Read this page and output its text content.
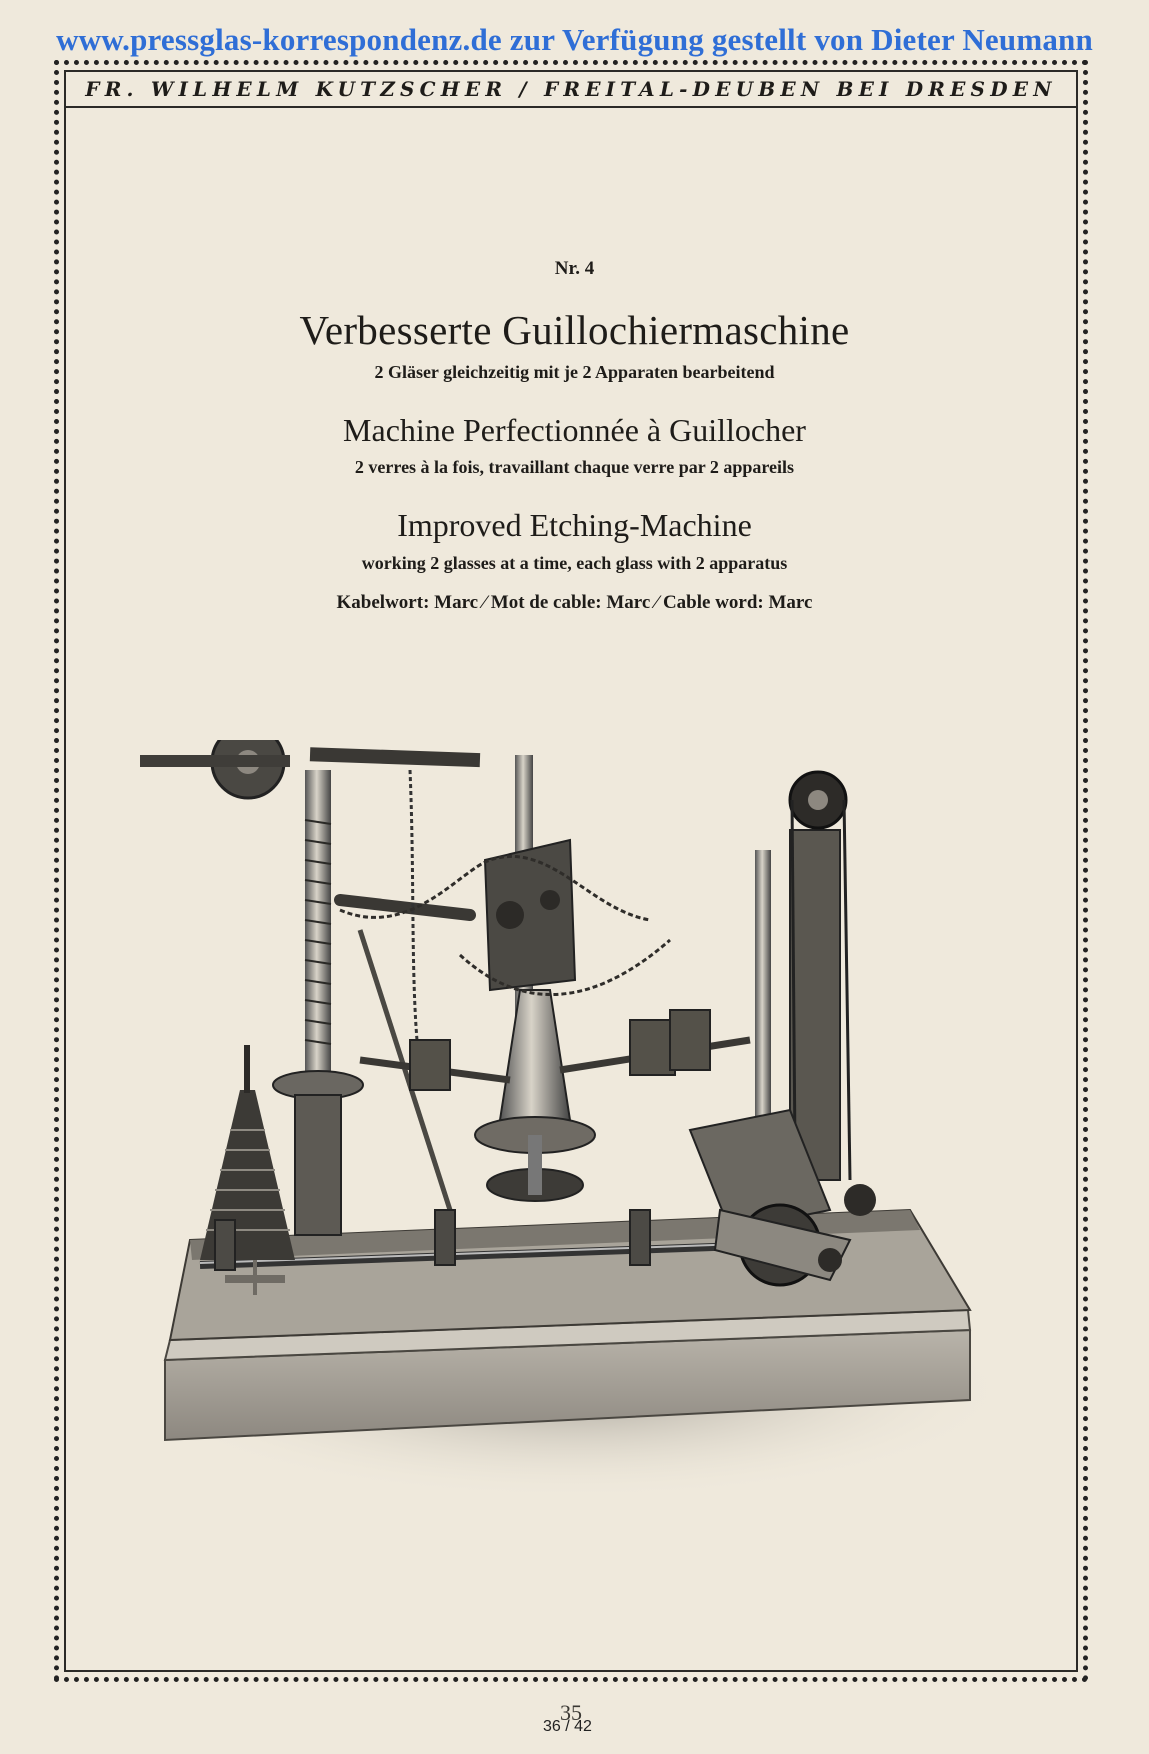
www.pressglas-korrespondenz.de zur Verfügung gestellt von Dieter Neumann
FR. WILHELM KUTZSCHER / FREITAL-DEUBEN BEI DRESDEN
Nr. 4
Verbesserte Guillochiermaschine
2 Gläser gleichzeitig mit je 2 Apparaten bearbeitend
Machine Perfectionnée à Guillocher
2 verres à la fois, travaillant chaque verre par 2 appareils
Improved Etching-Machine
working 2 glasses at a time, each glass with 2 apparatus
Kabelwort: Marc ⁄ Mot de cable: Marc ⁄ Cable word: Marc
35
36 / 42
